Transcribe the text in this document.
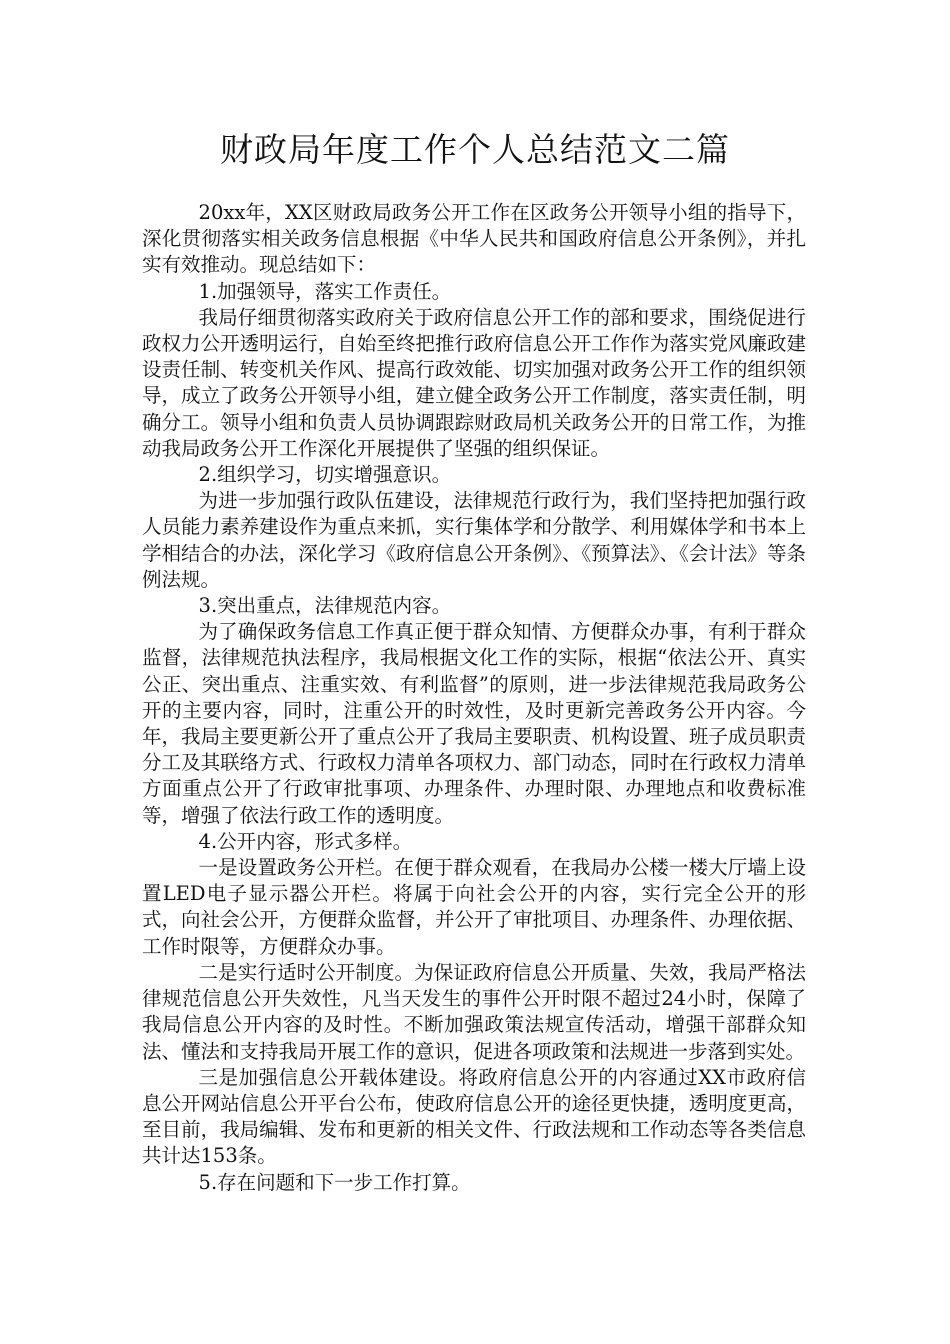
财政局年度工作个人总结范文二篇

20xx年，XX区财政局政务公开工作在区政务公开领导小组的指导下，深化贯彻落实相关政务信息根据《中华人民共和国政府信息公开条例》，并扎实有效推动。现总结如下：

1.加强领导，落实工作责任。

我局仔细贯彻落实政府关于政府信息公开工作的部和要求，围绕促进行政权力公开透明运行，自始至终把推行政府信息公开工作作为落实党风廉政建设责任制、转变机关作风、提高行政效能、切实加强对政务公开工作的组织领导，成立了政务公开领导小组，建立健全政务公开工作制度，落实责任制，明确分工。领导小组和负责人员协调跟踪财政局机关政务公开的日常工作，为推动我局政务公开工作深化开展提供了坚强的组织保证。

2.组织学习，切实增强意识。

为进一步加强行政队伍建设，法律规范行政行为，我们坚持把加强行政人员能力素养建设作为重点来抓，实行集体学和分散学、利用媒体学和书本上学相结合的办法，深化学习《政府信息公开条例》、《预算法》、《会计法》等条例法规。

3.突出重点，法律规范内容。

为了确保政务信息工作真正便于群众知情、方便群众办事，有利于群众监督，法律规范执法程序，我局根据文化工作的实际，根据“依法公开、真实公正、突出重点、注重实效、有利监督”的原则，进一步法律规范我局政务公开的主要内容，同时，注重公开的时效性，及时更新完善政务公开内容。今年，我局主要更新公开了重点公开了我局主要职责、机构设置、班子成员职责分工及其联络方式、行政权力清单各项权力、部门动态，同时在行政权力清单方面重点公开了行政审批事项、办理条件、办理时限、办理地点和收费标准等，增强了依法行政工作的透明度。

4.公开内容，形式多样。

一是设置政务公开栏。在便于群众观看，在我局办公楼一楼大厅墙上设置LED电子显示器公开栏。将属于向社会公开的内容，实行完全公开的形式，向社会公开，方便群众监督，并公开了审批项目、办理条件、办理依据、工作时限等，方便群众办事。

二是实行适时公开制度。为保证政府信息公开质量、失效，我局严格法律规范信息公开失效性，凡当天发生的事件公开时限不超过24小时，保障了我局信息公开内容的及时性。不断加强政策法规宣传活动，增强干部群众知法、懂法和支持我局开展工作的意识，促进各项政策和法规进一步落到实处。

三是加强信息公开载体建设。将政府信息公开的内容通过XX市政府信息公开网站信息公开平台公布，使政府信息公开的途径更快捷，透明度更高，至目前，我局编辑、发布和更新的相关文件、行政法规和工作动态等各类信息共计达153条。

5.存在问题和下一步工作打算。
